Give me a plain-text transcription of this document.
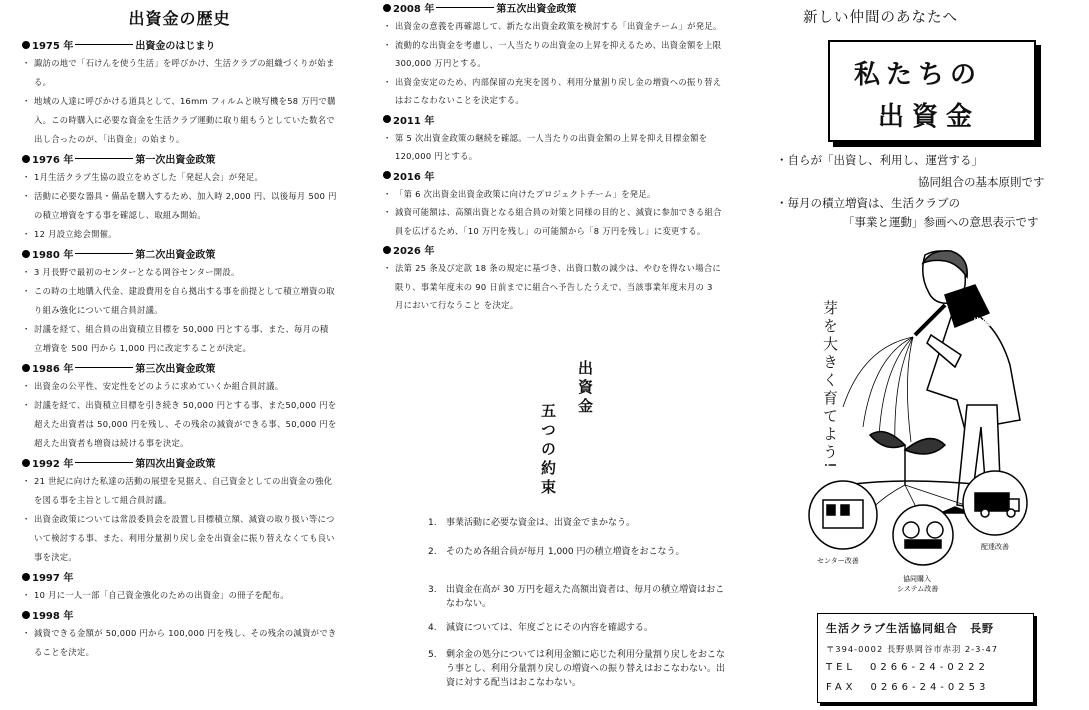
出資金の歴史
1975 年	出資金のはじまり
・ 諏訪の地で「石けんを使う生活」を呼びかけ、生活クラブの組織づくりが始まる。
・ 地域の人達に呼びかける道具として、16mm フィルムと映写機を58 万円で購入。この時購入に必要な資金を生活クラブ運動に取り組もうとしていた数名で出し合ったのが、「出資金」の始まり。
1976 年	第一次出資金政策
・ 1月生活クラブ生協の設立をめざした「発起人会」が発足。
・ 活動に必要な器具・備品を購入するため、加入時 2,000 円、以後毎月 500 円の積立増資をする事を確認し、取組み開始。
・ 12 月設立総会開催。
1980 年	第二次出資金政策
・ 3 月長野で最初のセンターとなる岡谷センター開設。
・ この時の土地購入代金、建設費用を自ら拠出する事を前提として積立増資の取り組み強化について組合員討議。
・ 討議を経て、組合員の出資積立目標を 50,000 円とする事、また、毎月の積立増資を 500 円から 1,000 円に改定することが決定。
1986 年	第三次出資金政策
・ 出資金の公平性、安定性をどのように求めていくか組合員討議。
・ 討議を経て、出資積立目標を引き続き 50,000 円とする事、また50,000 円を超えた出資者は 50,000 円を残し、その残余の減資ができる事、50,000 円を超えた出資者も増資は続ける事を決定。
1992 年	第四次出資金政策
・ 21 世紀に向けた私達の活動の展望を見据え、自己資金としての出資金の強化を図る事を主旨として組合員討議。
・ 出資金政策については常設委員会を設置し目標積立額、減資の取り扱い等について検討する事、また、利用分量割り戻し金を出資金に振り替えなくても良い事を決定。
1997 年
・ 10 月に一人一部「自己資金強化のための出資金」の冊子を配布。
1998 年
・ 減資できる金額が 50,000 円から 100,000 円を残し、その残余の減資ができることを決定。
2008 年	第五次出資金政策
・ 出資金の意義を再確認して、新たな出資金政策を検討する「出資金チーム」が発足。
・ 流動的な出資金を考慮し、一人当たりの出資金の上昇を抑えるため、出資金額を上限 300,000 万円とする。
・ 出資金安定のため、内部保留の充実を図り、利用分量割り戻し金の増資への振り替えはおこなわないことを決定する。
2011 年
・ 第 5 次出資金政策の継続を確認。一人当たりの出資金額の上昇を抑え目標金額を 120,000 円とする。
2016 年
・ 「第 6 次出資金出資金政策に向けたプロジェクトチーム」を発足。
・ 減資可能額は、高額出資となる組合員の対策と同様の目的と、減資に参加できる組合員を広げるため、「10 万円を残し」の可能額から「8 万円を残し」に変更する。
2026 年
・ 法第 25 条及び定款 18 条の規定に基づき、出資口数の減少は、やむを得ない場合に限り、事業年度末の 90 日前までに組合へ予告したうえで、当該事業年度末月の 3 月において行なうこと を決定。
出資金
五つの約束
1.	事業活動に必要な資金は、出資金でまかなう。
2.	そのため各組合員が毎月 1,000 円の積立増資をおこなう。
3.	出資金在高が 30 万円を超えた高額出資者は、毎月の積立増資はおこなわない。
4.	減資については、年度ごとにその内容を確認する。
5.	剰余金の処分については利用金額に応じた利用分量割り戻しをおこなう事とし、利用分量割り戻しの増資への振り替えはおこなわない。出資に対する配当はおこなわない。
新しい仲間のあなたへ
私たちの
出資金
・自らが「出資し、利用し、運営する」
協同組合の基本原則です
・毎月の積立増資は、生活クラブの
「事業と運動」参画への意思表示です
芽を大きく育てよう!	出資金
センター改善
協同購入
システム改善
配達改善
生活クラブ生活協同組合　長野
〒394-0002 長野県岡谷市赤羽 2-3-47
TEL　0266-24-0222
FAX　0266-24-0253
